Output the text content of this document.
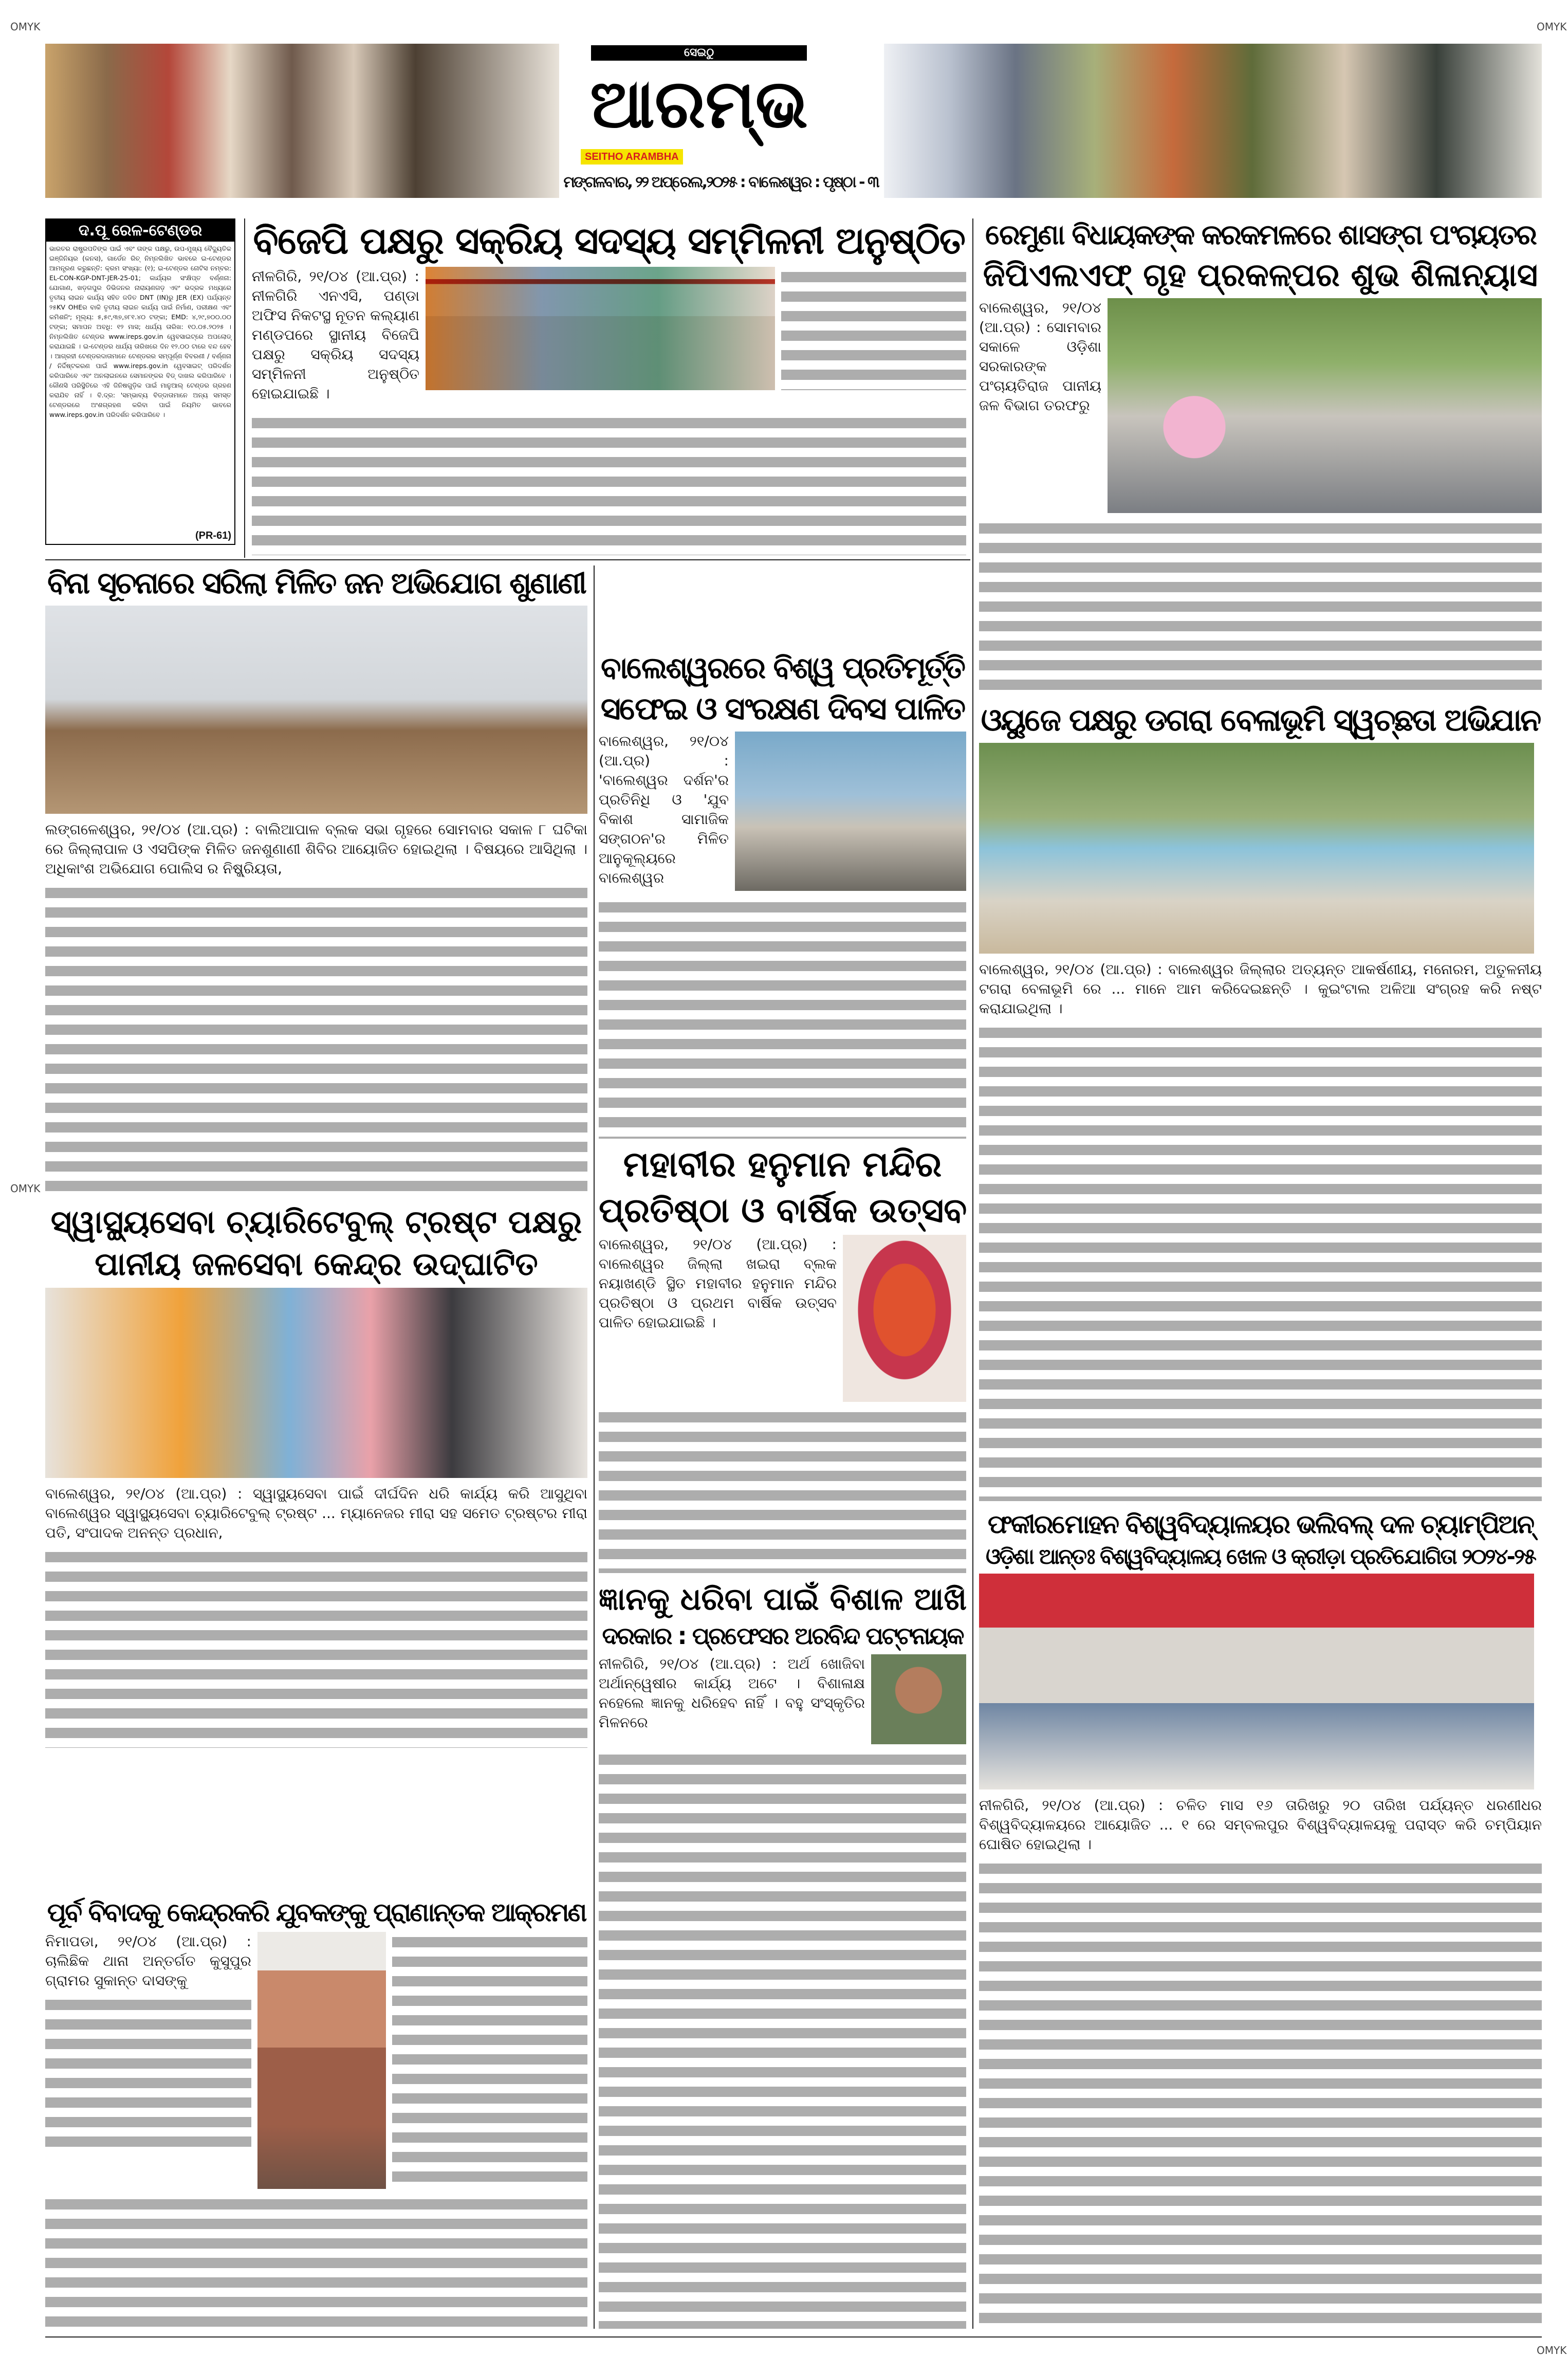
OMYK	OMYK
OMYK
OMYK
ସେଇଠୁ
ଆରମ୍ଭ
SEITHO ARAMBHA
ମଙ୍ଗଳବାର, ୨୨ ଅପ୍ରେଲ,୨୦୨୫ : ବାଲେଶ୍ୱର : ପୃଷ୍ଠା - ୩
ଦ.ପୂ ରେଳ-ଟେଣ୍ଡର
ଭାରତର ରାଷ୍ଟ୍ରପତିଙ୍କ ପାଇଁ ଏବଂ ତାଙ୍କ ପକ୍ଷରୁ, ଉପ-ମୁଖ୍ୟ ବୈଦ୍ୟୁତିକ ଇଞ୍ଜିନିୟର (କନସ), ଗାର୍ଡେନ ରିଚ୍ ନିମ୍ନଲିଖିତ ଭାବରେ ଇ-ଟେଣ୍ଡର ଆମନ୍ତ୍ରଣ କରୁଛନ୍ତି: କ୍ରମ ସଂଖ୍ୟା: (୧); ଇ-ଟେଣ୍ଡର ନୋଟିସ ନମ୍ବର: EL-CON-KGP-DNT-JER-25-01; କାର୍ଯ୍ୟର ସଂକ୍ଷିପ୍ତ ବର୍ଣ୍ଣନା: ଯୋଗାଣ, ଖଡ଼ଗପୁର ଡିଭିଜନର ନାରାୟଣଗଡ଼ ଏବଂ ଭଦ୍ରକ ମଧ୍ୟରେ ତୃତୀୟ ଲାଇନ କାର୍ଯ୍ୟ ସହିତ ଜଡିତ DNT (IN)ରୁ JER (EX) ପର୍ଯ୍ୟନ୍ତ ୨୫KV OHEର ବାକି ତୃତୀୟ ଲାଇନ କାର୍ଯ୍ୟ ପାଇଁ ନିର୍ମାଣ, ପରୀକ୍ଷଣ ଏବଂ କମିଶନିଂ; ମୂଲ୍ୟ: ୫,୫୯,୩୭,୭୮୧.୪୦ ଟଙ୍କା; EMD: ୪,୨୯,୭୦୦.୦୦ ଟଙ୍କା; ସମାପନ ଅବଧି: ୧୨ ମାସ; ଧାର୍ଯ୍ୟ ତାରିଖ: ୧୦.୦୫.୨୦୨୫ । ନିମ୍ନଲିଖିତ ଟେଣ୍ଡର www.ireps.gov.in ୱେବସାଇଟ୍‌ରେ ଅପଲୋଡ୍ କରାଯାଇଛି । ଇ-ଟେଣ୍ଡର ଧାର୍ଯ୍ୟ ତାରିଖରେ ଦିନ ୧୨.୦୦ ଟାରେ ବନ୍ଦ ହେବ । ଆଗ୍ରହୀ ଟେଣ୍ଡରଦାତାମାନେ ଟେଣ୍ଡରର ସମ୍ପୂର୍ଣ୍ଣ ବିବରଣୀ / ବର୍ଣ୍ଣନା / ନିର୍ଦ୍ଦିଷ୍ଟକରଣ ପାଇଁ www.ireps.gov.in ୱେବସାଇଟ୍ ପରିଦର୍ଶନ କରିପାରିବେ ଏବଂ ଅନଲାଇନରେ ସେମାନଙ୍କର ବିଡ୍ ଦାଖଲ କରିପାରିବେ । କୌଣସି ପରିସ୍ଥିତିରେ ଏହି ଜିନିଷଗୁଡ଼ିକ ପାଇଁ ମାନୁଆଲ୍ ଟେଣ୍ଡର ଗ୍ରହଣ କରାଯିବ ନାହିଁ । ବି.ଦ୍ର: 'ସମ୍ଭାବ୍ୟ ବିଡ୍‌ଦାତାମାନେ ଅନ୍ୟ ସମସ୍ତ ଟେଣ୍ଡରରେ ଅଂଶଗ୍ରହଣ କରିବା ପାଇଁ ନିୟମିତ ଭାବରେ www.ireps.gov.in ପରିଦର୍ଶନ କରିପାରିବେ ।
(PR-61)
ବିଜେପି ପକ୍ଷରୁ ସକ୍ରିୟ ସଦସ୍ୟ ସମ୍ମିଳନୀ ଅନୁଷ୍ଠିତ

ନୀଳଗିରି, ୨୧/୦୪ (ଆ.ପ୍ର) : ନୀଳଗିରି ଏନଏସି, ପଣ୍ଡା ଅଫିସ ନିକଟସ୍ଥ ନୂତନ କଲ୍ୟାଣ ମଣ୍ଡପରେ ସ୍ଥାନୀୟ ବିଜେପି ପକ୍ଷରୁ ସକ୍ରିୟ ସଦସ୍ୟ ସମ୍ମିଳନୀ ଅନୁଷ୍ଠିତ ହୋଇଯାଇଛି ।

ରେମୁଣା ବିଧାୟକଙ୍କ କରକମଳରେ ଶାସଙ୍ଗ ପଂଚାୟତର
ଜିପିଏଲଏଫ୍ ଗୃହ ପ୍ରକଳ୍ପର ଶୁଭ ଶିଳାନ୍ୟାସ

ବାଲେଶ୍ୱର, ୨୧/୦୪ (ଆ.ପ୍ର) : ସୋମବାର ସକାଳେ ଓଡ଼ିଶା ସରକାରଙ୍କ ପଂଚାୟତିରାଜ ପାନୀୟ ଜଳ ବିଭାଗ ତରଫରୁ

ବିନା ସୂଚନାରେ ସରିଲା ମିଳିତ ଜନ ଅଭିଯୋଗ ଶୁଣାଣୀ

ଲଙ୍ଗଳେଶ୍ୱର, ୨୧/୦୪ (ଆ.ପ୍ର) : ବାଲିଆପାଳ ବ୍ଲକ ସଭା ଗୃହରେ ସୋମବାର ସକାଳ ୮ ଘଟିକା ରେ ଜିଲ୍ଲାପାଳ ଓ ଏସପିଙ୍କ ମିଳିତ ଜନଶୁଣାଣୀ ଶିବିର ଆୟୋଜିତ ହୋଇଥିଲା । ବିଷୟରେ ଆସିଥିଲା । ଅଧିକାଂଶ ଅଭିଯୋଗ ପୋଲିସ ର ନିଷ୍କ୍ରିୟତା,

ବାଲେଶ୍ୱରରେ ବିଶ୍ୱ ପ୍ରତିମୂର୍ତ୍ତି
ସଫେଇ ଓ ସଂରକ୍ଷଣ ଦିବସ ପାଳିତ

ବାଲେଶ୍ୱର, ୨୧/୦୪ (ଆ.ପ୍ର) : 'ବାଲେଶ୍ୱର ଦର୍ଶନ'ର ପ୍ରତିନିଧି ଓ 'ଯୁବ ବିକାଶ ସାମାଜିକ ସଙ୍ଗଠନ'ର ମିଳିତ ଆନୁକୂଲ୍ୟରେ ବାଲେଶ୍ୱର

ଓୟୁଜେ ପକ୍ଷରୁ ଡଗରା ବେଳାଭୂମି ସ୍ୱଚ୍ଛତା ଅଭିଯାନ

ବାଲେଶ୍ୱର, ୨୧/୦୪ (ଆ.ପ୍ର) : ବାଲେଶ୍ୱର ଜିଲ୍ଲାର ଅତ୍ୟନ୍ତ ଆକର୍ଷଣୀୟ, ମନୋରମ, ଅତୁଳନୀୟ ଟଗରା ବେଳାଭୂମି ରେ ... ମାନେ ଆମ କରିଦେଇଛନ୍ତି । କୁଇଂଟାଲ ଅଳିଆ ସଂଗ୍ରହ କରି ନଷ୍ଟ କରାଯାଇଥିଲା ।

ମହାବୀର ହନୁମାନ ମନ୍ଦିର
ପ୍ରତିଷ୍ଠା ଓ ବାର୍ଷିକ ଉତ୍ସବ

ବାଲେଶ୍ୱର, ୨୧/୦୪ (ଆ.ପ୍ର) : ବାଲେଶ୍ୱର ଜିଲ୍ଲା ଖଇରା ବ୍ଲକ ନୟାଖଣ୍ଡି ସ୍ଥିତ ମହାବୀର ହନୁମାନ ମନ୍ଦିର ପ୍ରତିଷ୍ଠା ଓ ପ୍ରଥମ ବାର୍ଷିକ ଉତ୍ସବ ପାଳିତ ହୋଇଯାଇଛି ।

ସ୍ୱାସ୍ଥ୍ୟସେବା ଚ୍ୟାରିଟେବୁଲ୍ ଟ୍ରଷ୍ଟ ପକ୍ଷରୁ
ପାନୀୟ ଜଳସେବା କେନ୍ଦ୍ର ଉଦ୍‌ଘାଟିତ

ବାଲେଶ୍ୱର, ୨୧/୦୪ (ଆ.ପ୍ର) : ସ୍ୱାସ୍ଥ୍ୟସେବା ପାଇଁ ଦୀର୍ଘଦିନ ଧରି କାର୍ଯ୍ୟ କରି ଆସୁଥିବା ବାଲେଶ୍ୱର ସ୍ୱାସ୍ଥ୍ୟସେବା ଚ୍ୟାରିଟେବୁଲ୍ ଟ୍ରଷ୍ଟ ... ମ୍ୟାନେଜର ମୀରା ସହ ସମେତ ଟ୍ରଷ୍ଟର ମୀରା ପତି, ସଂପାଦକ ଅନନ୍ତ ପ୍ରଧାନ,

ଜ୍ଞାନକୁ ଧରିବା ପାଇଁ ବିଶାଳ ଆଖି
ଦରକାର : ପ୍ରଫେସର ଅରବିନ୍ଦ ପଟ୍ଟନାୟକ

ନୀଳଗିରି, ୨୧/୦୪ (ଆ.ପ୍ର) : ଅର୍ଥ ଖୋଜିବା ଅର୍ଥାନ୍ୱେଷୀର କାର୍ଯ୍ୟ ଅଟେ । ବିଶାଳାକ୍ଷ ନହେଲେ ଜ୍ଞାନକୁ ଧରିହେବ ନାହିଁ । ବହୁ ସଂସ୍କୃତିର ମିଳନରେ

ଫକୀରମୋହନ ବିଶ୍ୱବିଦ୍ୟାଳୟର ଭଲିବଲ୍ ଦଳ ଚ୍ୟାମ୍ପିଅନ୍
ଓଡ଼ିଶା ଆନ୍ତଃ ବିଶ୍ୱବିଦ୍ୟାଳୟ ଖେଳ ଓ କ୍ରୀଡ଼ା ପ୍ରତିଯୋଗିତା ୨୦୨୪-୨୫

ନୀଳଗିରି, ୨୧/୦୪ (ଆ.ପ୍ର) : ଚଳିତ ମାସ ୧୬ ତାରିଖରୁ ୨୦ ତାରିଖ ପର୍ଯ୍ୟନ୍ତ ଧରଣୀଧର ବିଶ୍ୱବିଦ୍ୟାଳୟରେ ଆୟୋଜିତ ... ୧ ରେ ସମ୍ବଲପୁର ବିଶ୍ୱବିଦ୍ୟାଳୟକୁ ପରାସ୍ତ କରି ଚମ୍ପିୟାନ ଘୋଷିତ ହୋଇଥିଲା ।

ପୂର୍ବ ବିବାଦକୁ କେନ୍ଦ୍ରକରି ଯୁବକଙ୍କୁ ପ୍ରାଣାନ୍ତକ ଆକ୍ରମଣ

ନିମାପଡା, ୨୧/୦୪ (ଆ.ପ୍ର) : ଚାଲିଛିକ ଥାନା ଅନ୍ତର୍ଗତ କୁସୁପୁର ଗ୍ରାମର ସୁକାନ୍ତ ଦାସଙ୍କୁ
